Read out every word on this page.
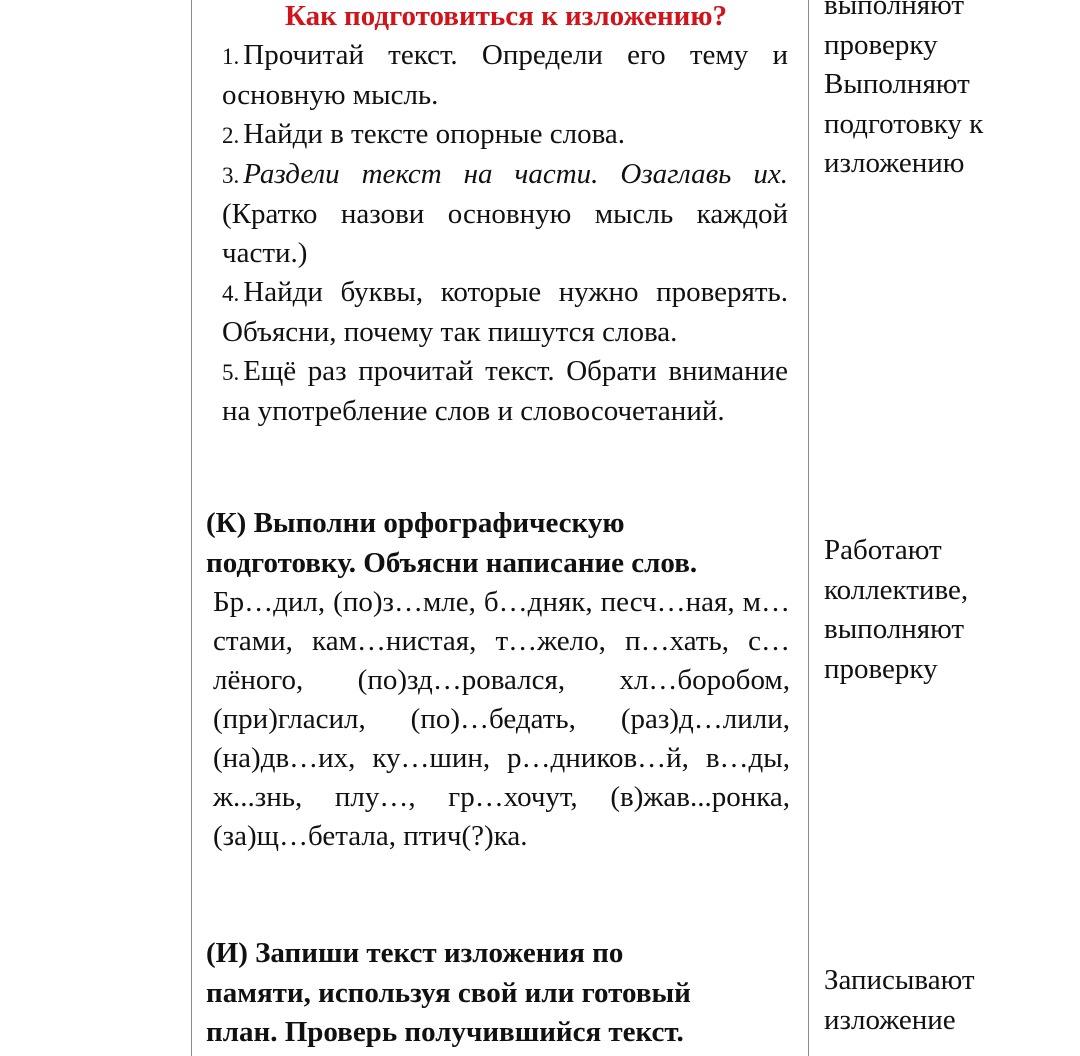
Как подготовиться к изложению?

1. Прочитай текст. Определи его тему и основную мысль.

2. Найди в тексте опорные слова.

3. Раздели текст на части. Озаглавь их. (Кратко назови основную мысль каждой части.)

4. Найди буквы, которые нужно проверять. Объясни, почему так пишутся слова.

5. Ещё раз прочитай текст. Обрати внимание на употребление слов и словосочетаний.

(К) Выполни орфографическую
подготовку. Объясни написание слов.
Бр…дил, (по)з…мле, б…дняк, песч…ная, м…стами, кам…нистая, т…жело, п…хать, с…лёного, (по)зд…ровался, хл…боробом, (при)гласил, (по)…бедать, (раз)д…лили, (на)дв…их, ку…шин, р…дников…й, в…ды, ж...знь, плу…, гр…хочут, (в)жав...ронка, (за)щ…бетала, птич(?)ка.
(И) Запиши текст изложения по
памяти, используя свой или готовый
план. Проверь получившийся текст.
выполняют
проверку
Выполняют
подготовку к
изложению
Работают
коллективе,
выполняют
проверку
Записывают
изложение
